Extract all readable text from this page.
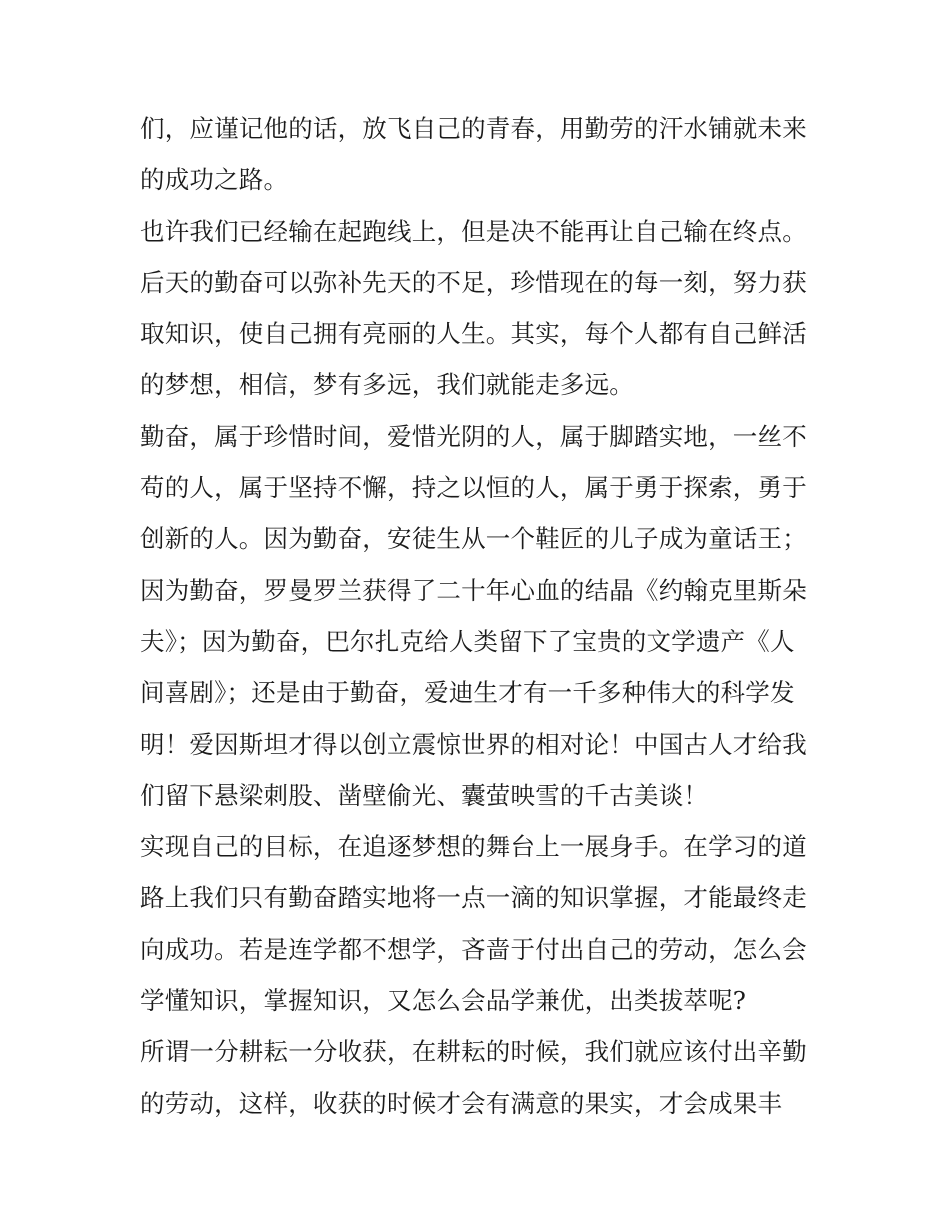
们，应谨记他的话，放飞自己的青春，用勤劳的汗水铺就未来
的成功之路。
也许我们已经输在起跑线上，但是决不能再让自己输在终点。
后天的勤奋可以弥补先天的不足，珍惜现在的每一刻，努力获
取知识，使自己拥有亮丽的人生。其实，每个人都有自己鲜活
的梦想，相信，梦有多远，我们就能走多远。
勤奋，属于珍惜时间，爱惜光阴的人，属于脚踏实地，一丝不
苟的人，属于坚持不懈，持之以恒的人，属于勇于探索，勇于
创新的人。因为勤奋，安徒生从一个鞋匠的儿子成为童话王；
因为勤奋，罗曼罗兰获得了二十年心血的结晶《约翰克里斯朵
夫》；因为勤奋，巴尔扎克给人类留下了宝贵的文学遗产《人
间喜剧》；还是由于勤奋，爱迪生才有一千多种伟大的科学发
明！爱因斯坦才得以创立震惊世界的相对论！中国古人才给我
们留下悬梁刺股、凿壁偷光、囊萤映雪的千古美谈！
实现自己的目标，在追逐梦想的舞台上一展身手。在学习的道
路上我们只有勤奋踏实地将一点一滴的知识掌握，才能最终走
向成功。若是连学都不想学，吝啬于付出自己的劳动，怎么会
学懂知识，掌握知识，又怎么会品学兼优，出类拔萃呢?
所谓一分耕耘一分收获，在耕耘的时候，我们就应该付出辛勤
的劳动，这样，收获的时候才会有满意的果实，才会成果丰
